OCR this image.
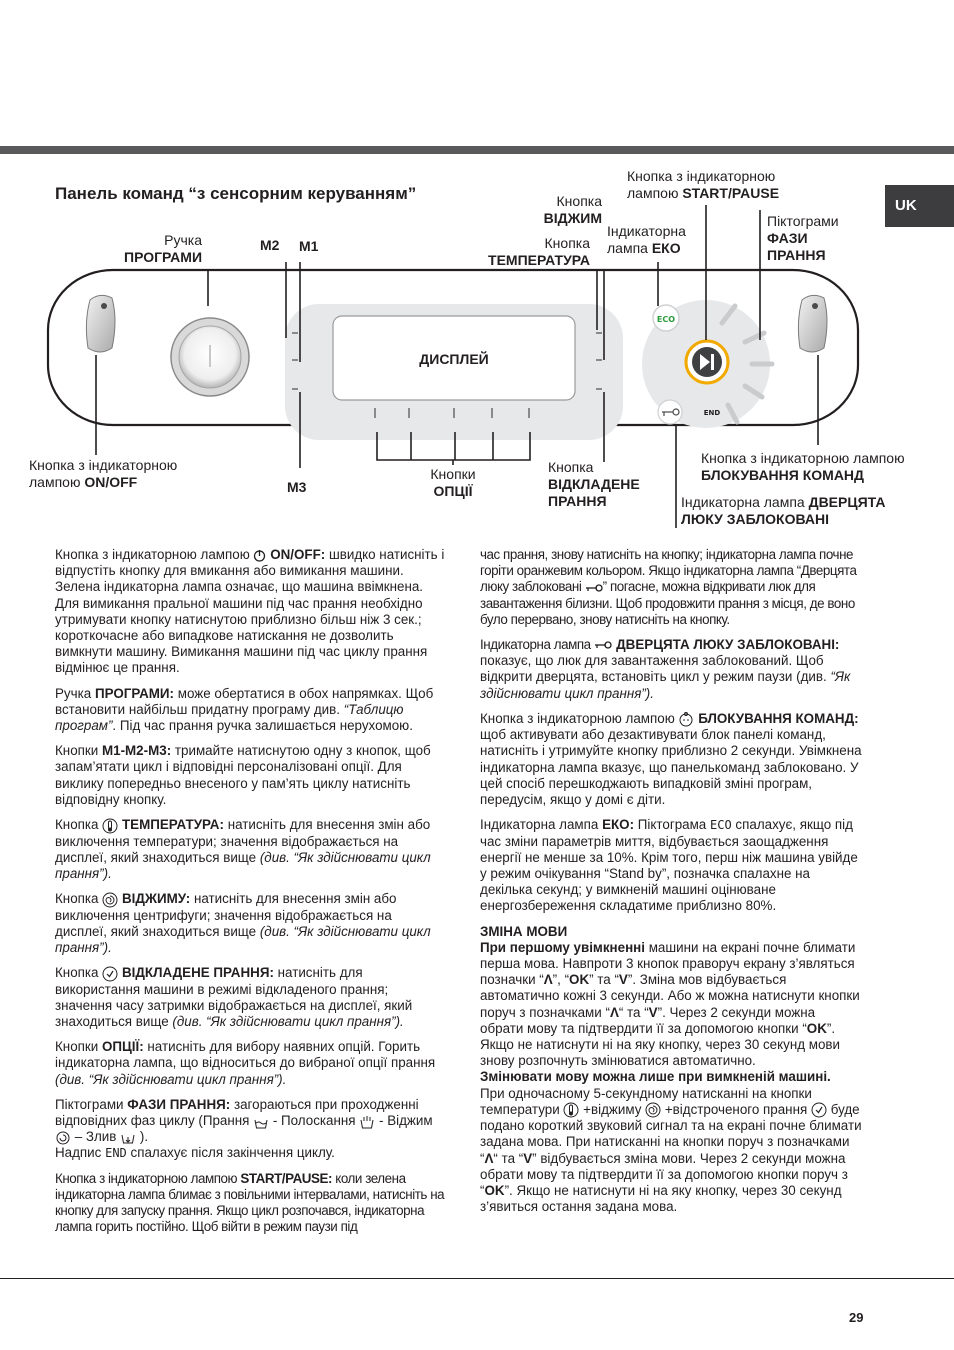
UK
Панель команд “з сенсорним керуванням”
ECO
END
ДИСПЛЕЙ
Ручка
ПРОГРАМИ
M2 M1
M3
Кнопка
ВІДЖИМ
Кнопка
ТЕМПЕРАТУРА
Кнопка з індикаторною
лампою START/PAUSE
Індикаторна
лампа ЕКО
Піктограми
ФАЗИ
ПРАННЯ
Кнопка з індикаторною
лампою ON/OFF	Кнопки
ОПЦІЇ
Кнопка
ВІДКЛАДЕНЕ
ПРАННЯ
Кнопка з індикаторною лампою
БЛОКУВАННЯ КОМАНД
Індикаторна лампа ДВЕРЦЯТА
ЛЮКУ ЗАБЛОКОВАНІ

Кнопка з індикаторною лампою ON/OFF: швидко натисніть і відпустіть кнопку для вмикання або вимикання машини. Зелена індикаторна лампа означає, що машина ввімкнена. Для вимикання пральної машини під час прання необхідно утримувати кнопку натиснутою приблизно більш ніж 3 сек.; короткочасне або випадкове натискання не дозволить вимкнути машину. Вимикання машини під час циклу прання відмінює це прання.

Ручка ПРОГРАМИ: може обертатися в обох напрямках. Щоб встановити найбільш придатну програму див. “Таблицю програм”. Під час прання ручка залишається нерухомою.

Кнопки M1-M2-M3: тримайте натиснутою одну з кнопок, щоб запам’ятати цикл і відповідні персоналізовані опції. Для виклику попередньо внесеного у пам’ять циклу натисніть відповідну кнопку.

Кнопка ТЕМПЕРАТУРА: натисніть для внесення змін або виключення температури; значення відображається на дисплеї, який знаходиться вище (див. “Як здійснювати цикл прання”).

Кнопка ВІДЖИМУ: натисніть для внесення змін або виключення центрифуги; значення відображається на дисплеї, який знаходиться вище (див. “Як здійснювати цикл прання”).

Кнопка ВІДКЛАДЕНЕ ПРАННЯ: натисніть для використання машини в режимі відкладеного прання; значення часу затримки відображається на дисплеї, який знаходиться вище (див. “Як здійснювати цикл прання”).

Кнопки ОПЦІЇ: натисніть для вибору наявних опцій. Горить індикаторна лампа, що відноситься до вибраної опції прання (див. “Як здійснювати цикл прання”).

Піктограми ФАЗИ ПРАННЯ: загораються при проходженні відповідних фаз циклу (Прання - Полоскання - Віджим  – Злив ).
Надпис END спалахує після закінчення циклу.

Кнопка з індикаторною лампою START/PAUSE: коли зелена індикаторна лампа блимає з повільними інтервалами, натисніть на кнопку для запуску прання. Якщо цикл розпочався, індикаторна лампа горить постійно. Щоб війти в режим паузи під

час прання, знову натисніть на кнопку; індикаторна лампа почне горіти оранжевим кольором. Якщо індикаторна лампа “Дверцята люку заблоковані ” погасне, можна відкривати люк для завантаження білизни. Щоб продовжити прання з місця, де воно було перервано, знову натисніть на кнопку.

Індикаторна лампа ДВЕРЦЯТА ЛЮКУ ЗАБЛОКОВАНІ: показує, що люк для завантаження заблокований. Щоб відкрити дверцята, встановіть цикл у режим паузи (див. “Як здійснювати цикл прання”).

Кнопка з індикаторною лампою БЛОКУВАННЯ КОМАНД: щоб активувати або дезактивувати блок панелі команд, натисніть і утримуйте кнопку приблизно 2 секунди. Увімкнена індикаторна лампа вказує, що панелькоманд заблоковано. У цей спосіб перешкоджають випадковій зміні програм, передусім, якщо у домі є діти.

Індикаторна лампа ЕКО: Піктограма ECO спалахує, якщо під час зміни параметрів миття, відбувається заощадження енергії не менше за 10%. Крім того, перш ніж машина увійде у режим очікування “Stand by”, позначка спалахне на декілька секунд; у вимкненій машині оцінюване енергозбереження складатиме приблизно 80%.

ЗМІНА МОВИ
При першому увімкненні машини на екрані почне блимати перша мова. Навпроти 3 кнопок праворуч екрану з’являться позначки “Λ”, “OK” та “V”. Зміна мов відбувається автоматично кожні 3 секунди. Або ж можна натиснути кнопки поруч з позначками “Λ“ та “V”. Через 2 секунди можна обрати мову та підтвердити її за допомогою кнопки “OK”. Якщо не натиснути ні на яку кнопку, через 30 секунд мови знову розпочнуть змінюватися автоматично.
Змінювати мову можна лише при вимкненій машині.
При одночасному 5-секундному натисканні на кнопки температури +віджиму +відстроченого прання буде подано короткий звуковий сигнал та на екрані почне блимати задана мова. При натисканні на кнопки поруч з позначками “Λ“ та “V” відбувається зміна мови. Через 2 секунди можна обрати мову та підтвердити її за допомогою кнопки поруч з “OK”. Якщо не натиснути ні на яку кнопку, через 30 секунд з’явиться остання задана мова.
29
